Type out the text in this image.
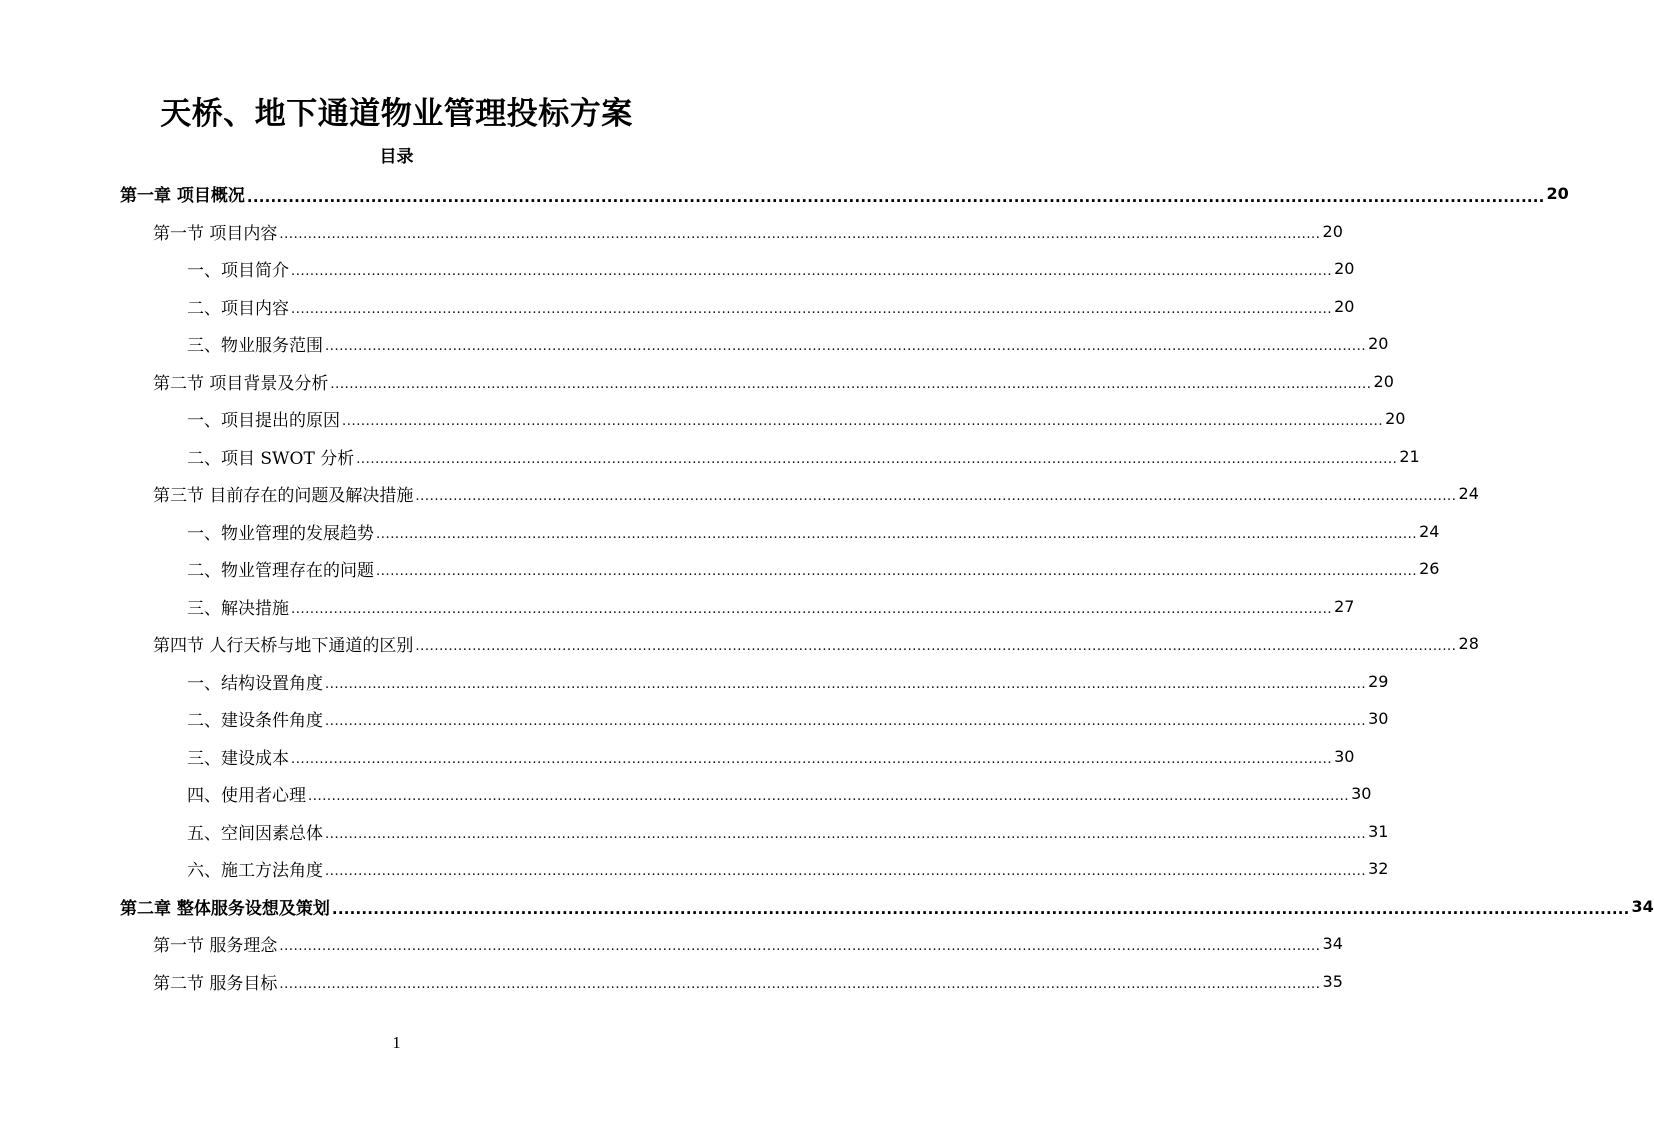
天桥、地下通道物业管理投标方案
目录
第一章 项目概况 ............................................................................................................................................................................................................................ 20
第一节 项目内容 ............................................................................................................................................................................................................................ 20
一、项目简介 ............................................................................................................................................................................................................................ 20
二、项目内容 ............................................................................................................................................................................................................................ 20
三、物业服务范围 ............................................................................................................................................................................................................................ 20
第二节 项目背景及分析 ............................................................................................................................................................................................................................ 20
一、项目提出的原因 ............................................................................................................................................................................................................................ 20
二、项目 SWOT 分析 ............................................................................................................................................................................................................................ 21
第三节 目前存在的问题及解决措施 ............................................................................................................................................................................................................................ 24
一、物业管理的发展趋势 ............................................................................................................................................................................................................................ 24
二、物业管理存在的问题 ............................................................................................................................................................................................................................ 26
三、解决措施 ............................................................................................................................................................................................................................ 27
第四节 人行天桥与地下通道的区别 ............................................................................................................................................................................................................................ 28
一、结构设置角度 ............................................................................................................................................................................................................................ 29
二、建设条件角度 ............................................................................................................................................................................................................................ 30
三、建设成本 ............................................................................................................................................................................................................................ 30
四、使用者心理 ............................................................................................................................................................................................................................ 30
五、空间因素总体 ............................................................................................................................................................................................................................ 31
六、施工方法角度 ............................................................................................................................................................................................................................ 32
第二章 整体服务设想及策划 ............................................................................................................................................................................................................................ 34
第一节 服务理念 ............................................................................................................................................................................................................................ 34
第二节 服务目标 ............................................................................................................................................................................................................................ 35
1
